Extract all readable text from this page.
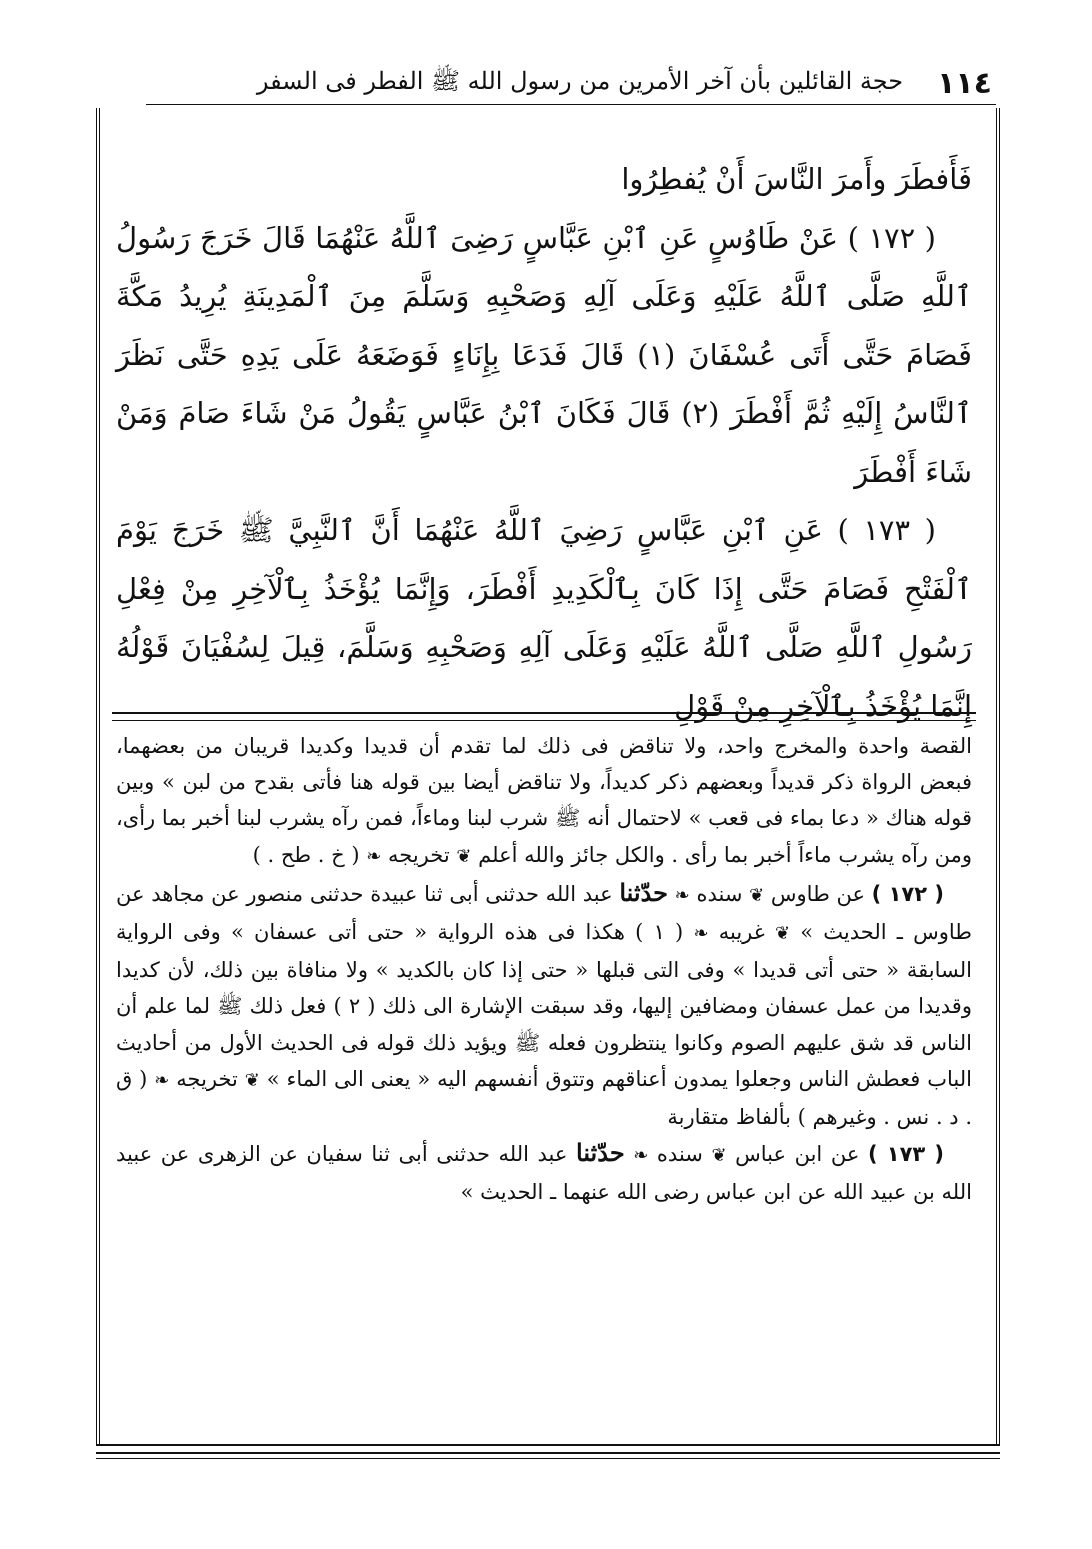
١١٤
حجة القائلين بأن آخر الأمرين من رسول الله ﷺ الفطر فى السفر

فَأَفطَرَ وأَمرَ النَّاسَ أَنْ يُفطِرُوا

( ١٧٢ ) عَنْ طَاوُسٍ عَنِ ٱبْنِ عَبَّاسٍ رَضِىَ ٱللَّهُ عَنْهُمَا قَالَ خَرَجَ رَسُولُ ٱللَّهِ صَلَّى ٱللَّهُ عَلَيْهِ وَعَلَى آلِهِ وَصَحْبِهِ وَسَلَّمَ مِنَ ٱلْمَدِينَةِ يُرِيدُ مَكَّةَ فَصَامَ حَتَّى أَتَى عُسْفَانَ (١) قَالَ فَدَعَا بِإِنَاءٍ فَوَضَعَهُ عَلَى يَدِهِ حَتَّى نَظَرَ ٱلنَّاسُ إِلَيْهِ ثُمَّ أَفْطَرَ (٢) قَالَ فَكَانَ ٱبْنُ عَبَّاسٍ يَقُولُ مَنْ شَاءَ صَامَ وَمَنْ شَاءَ أَفْطَرَ

( ١٧٣ ) عَنِ ٱبْنِ عَبَّاسٍ رَضِيَ ٱللَّهُ عَنْهُمَا أَنَّ ٱلنَّبِيَّ ﷺ خَرَجَ يَوْمَ ٱلْفَتْحِ فَصَامَ حَتَّى إِذَا كَانَ بِٱلْكَدِيدِ أَفْطَرَ، وَإِنَّمَا يُؤْخَذُ بِٱلْآخِرِ مِنْ فِعْلِ رَسُولِ ٱللَّهِ صَلَّى ٱللَّهُ عَلَيْهِ وَعَلَى آلِهِ وَصَحْبِهِ وَسَلَّمَ، قِيلَ لِسُفْيَانَ قَوْلُهُ إِنَّمَا يُؤْخَذُ بِٱلْآخِرِ مِنْ قَوْلِ

القصة واحدة والمخرج واحد، ولا تناقض فى ذلك لما تقدم أن قديدا وكديدا قريبان من بعضهما، فبعض الرواة ذكر قديداً وبعضهم ذكر كديداً، ولا تناقض أيضا بين قوله هنا فأتى بقدح من لبن » وبين قوله هناك « دعا بماء فى قعب » لاحتمال أنه ﷺ شرب لبنا وماءاً، فمن رآه يشرب لبنا أخبر بما رأى، ومن رآه يشرب ماءاً أخبر بما رأى . والكل جائز والله أعلم ❦ تخريجه ❧ ( خ . طح . )

( ١٧٢ ) عن طاوس ❦ سنده ❧ حدّثنا عبد الله حدثنى أبى ثنا عبيدة حدثنى منصور عن مجاهد عن طاوس ـ الحديث » ❦ غريبه ❧ ( ١ ) هكذا فى هذه الرواية « حتى أتى عسفان » وفى الرواية السابقة « حتى أتى قديدا » وفى التى قبلها « حتى إذا كان بالكديد » ولا منافاة بين ذلك، لأن كديدا وقديدا من عمل عسفان ومضافين إليها، وقد سبقت الإشارة الى ذلك ( ٢ ) فعل ذلك ﷺ لما علم أن الناس قد شق عليهم الصوم وكانوا ينتظرون فعله ﷺ ويؤيد ذلك قوله فى الحديث الأول من أحاديث الباب فعطش الناس وجعلوا يمدون أعناقهم وتتوق أنفسهم اليه « يعنى الى الماء » ❦ تخريجه ❧ ( ق . د . نس . وغيرهم ) بألفاظ متقاربة

( ١٧٣ ) عن ابن عباس ❦ سنده ❧ حدّثنا عبد الله حدثنى أبى ثنا سفيان عن الزهرى عن عبيد الله بن عبيد الله عن ابن عباس رضى الله عنهما ـ الحديث »
